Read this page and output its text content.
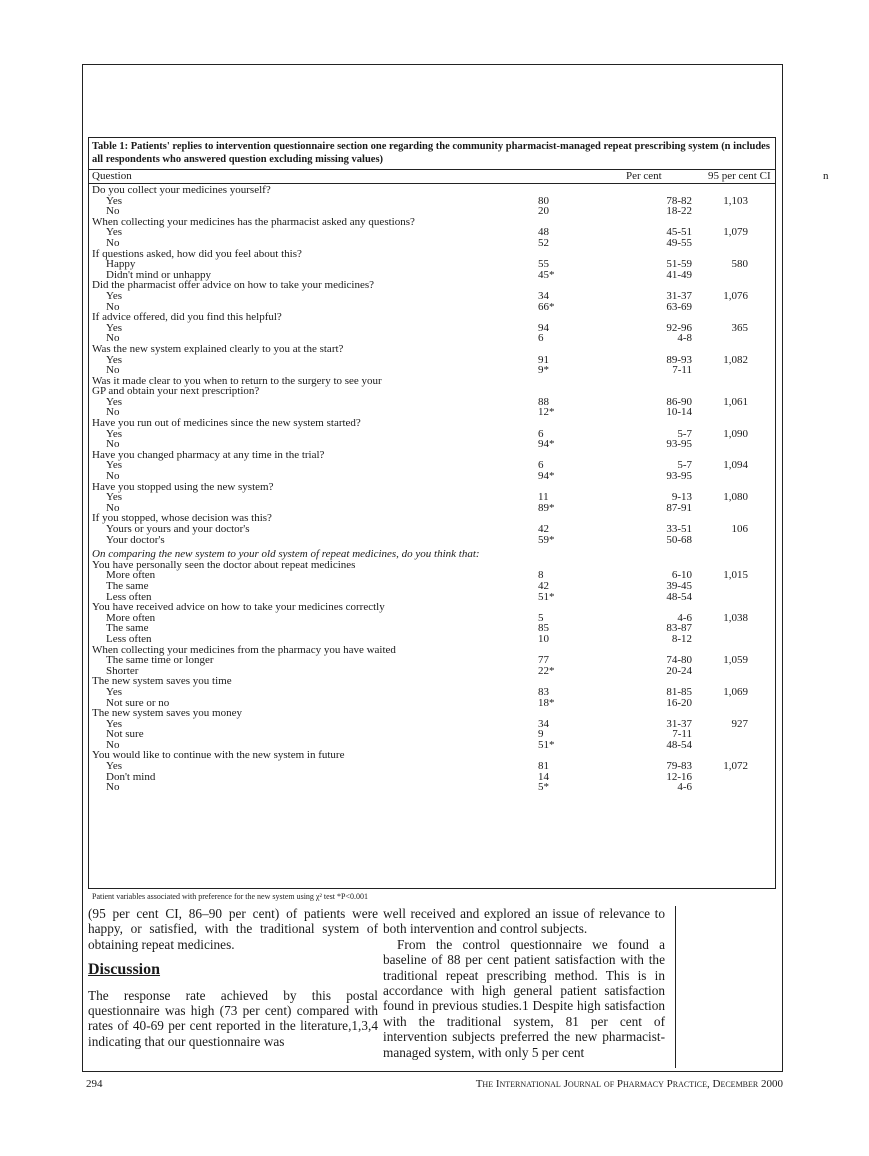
Table 1: Patients' replies to intervention questionnaire section one regarding the community pharmacist-managed repeat prescribing system (n includes all respondents who answered question excluding missing values)
Question	Per cent	95 per cent CI	n
Do you collect your medicines yourself?
Yes	80	78-82	1,103
No	20	18-22
When collecting your medicines has the pharmacist asked any questions?
Yes	48	45-51	1,079
No	52	49-55
If questions asked, how did you feel about this?
Happy	55	51-59	580
Didn't mind or unhappy	45*	41-49
Did the pharmacist offer advice on how to take your medicines?
Yes	34	31-37	1,076
No	66*	63-69
If advice offered, did you find this helpful?
Yes	94	92-96	365
No	6	4-8
Was the new system explained clearly to you at the start?
Yes	91	89-93	1,082
No	9*	7-11
Was it made clear to you when to return to the surgery to see your
GP and obtain your next prescription?
Yes	88	86-90	1,061
No	12*	10-14
Have you run out of medicines since the new system started?
Yes	6	5-7	1,090
No	94*	93-95
Have you changed pharmacy at any time in the trial?
Yes	6	5-7	1,094
No	94*	93-95
Have you stopped using the new system?
Yes	11	9-13	1,080
No	89*	87-91
If you stopped, whose decision was this?
Yours or yours and your doctor's	42	33-51	106
Your doctor's	59*	50-68
On comparing the new system to your old system of repeat medicines, do you think that:
You have personally seen the doctor about repeat medicines
More often	8	6-10	1,015
The same	42	39-45
Less often	51*	48-54
You have received advice on how to take your medicines correctly
More often	5	4-6	1,038
The same	85	83-87
Less often	10	8-12
When collecting your medicines from the pharmacy you have waited
The same time or longer	77	74-80	1,059
Shorter	22*	20-24
The new system saves you time
Yes	83	81-85	1,069
Not sure or no	18*	16-20
The new system saves you money
Yes	34	31-37	927
Not sure	9	7-11
No	51*	48-54
You would like to continue with the new system in future
Yes	81	79-83	1,072
Don't mind	14	12-16
No	5*	4-6
Patient variables associated with preference for the new system using χ² test *P<0.001

(95 per cent CI, 86–90 per cent) of patients were happy, or satisfied, with the traditional system of obtaining repeat medicines.

Discussion

The response rate achieved by this postal questionnaire was high (73 per cent) compared with rates of 40-69 per cent reported in the literature,1,3,4 indicating that our questionnaire was

well received and explored an issue of relevance to both intervention and control subjects.

From the control questionnaire we found a baseline of 88 per cent patient satisfaction with the traditional repeat prescribing method. This is in accordance with high general patient satisfaction found in previous studies.1 Despite high satisfaction with the traditional system, 81 per cent of intervention subjects preferred the new pharmacist-managed system, with only 5 per cent

294	The International Journal of Pharmacy Practice, December 2000
